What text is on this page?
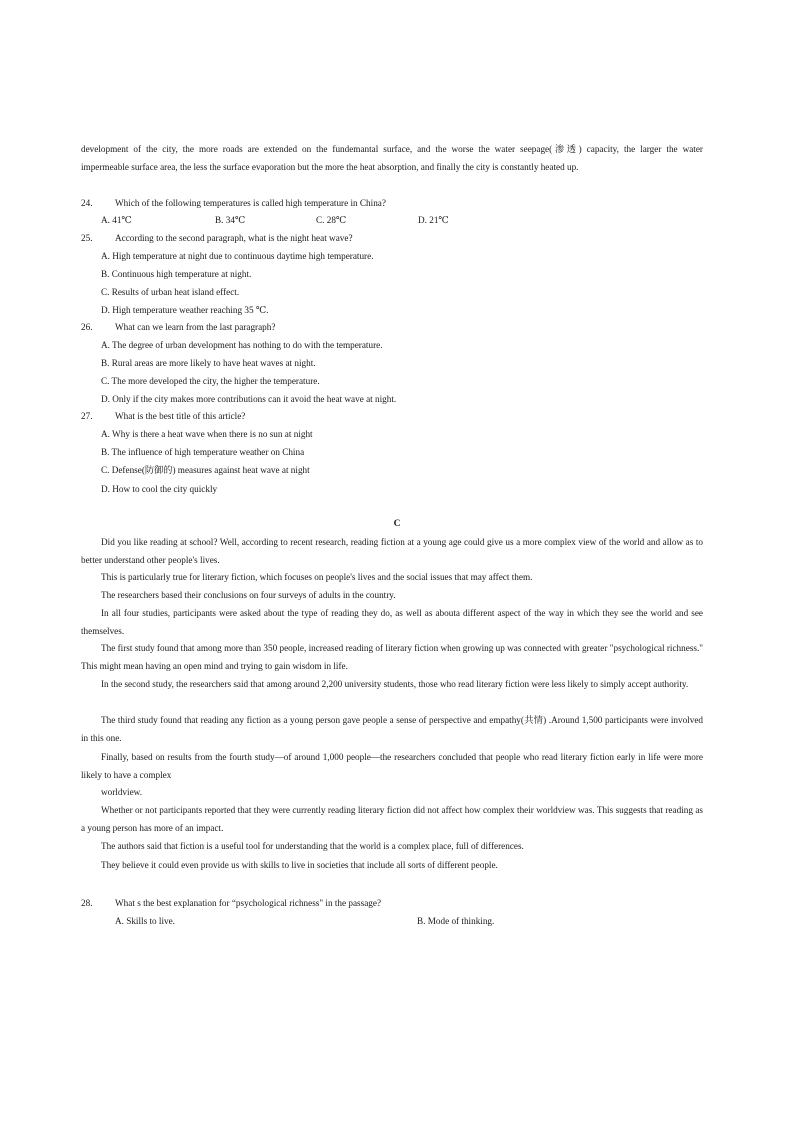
development of the city, the more roads are extended on the fundemantal surface, and the worse the water seepage(渗透) capacity, the larger the water
impermeable surface area, the less the surface evaporation but the more the heat absorption, and finally the city is constantly heated up.
24. Which of the following temperatures is called high temperature in China?
A. 41℃	B. 34℃	C. 28℃	D. 21℃
25. According to the second paragraph, what is the night heat wave?
A. High temperature at night due to continuous daytime high temperature.
B. Continuous high temperature at night.
C. Results of urban heat island effect.
D. High temperature weather reaching 35 ℃.
26. What can we learn from the last paragraph?
A. The degree of urban development has nothing to do with the temperature.
B. Rural areas are more likely to have heat waves at night.
C. The more developed the city, the higher the temperature.
D. Only if the city makes more contributions can it avoid the heat wave at night.
27. What is the best title of this article?
A. Why is there a heat wave when there is no sun at night
B. The influence of high temperature weather on China
C. Defense(防御的) measures against heat wave at night
D. How to cool the city quickly
C
Did you like reading at school? Well, according to recent research, reading fiction at a young age could give us a more complex view of the world and allow as to better understand other people's lives.
This is particularly true for literary fiction, which focuses on people's lives and the social issues that may affect them.
The researchers based their conclusions on four surveys of adults in the country.
In all four studies, participants were asked about the type of reading they do, as well as abouta different aspect of the way in which they see the world and see themselves.
The first study found that among more than 350 people, increased reading of literary fiction when growing up was connected with greater "psychological richness." This might mean having an open mind and trying to gain wisdom in life.
In the second study, the researchers said that among around 2,200 university students, those who read literary fiction were less likely to simply accept authority.
The third study found that reading any fiction as a young person gave people a sense of perspective and empathy(共情) .Around 1,500 participants were involved in this one.
Finally, based on results from the fourth study—of around 1,000 people—the researchers concluded that people who read literary fiction early in life were more likely to have a complex
worldview.
Whether or not participants reported that they were currently reading literary fiction did not affect how complex their worldview was. This suggests that reading as a young person has more of an impact.
The authors said that fiction is a useful tool for understanding that the world is a complex place, full of differences.
They believe it could even provide us with skills to live in societies that include all sorts of different people.
28. What s the best explanation for “psychological richness" in the passage?
A. Skills to live.	B. Mode of thinking.
